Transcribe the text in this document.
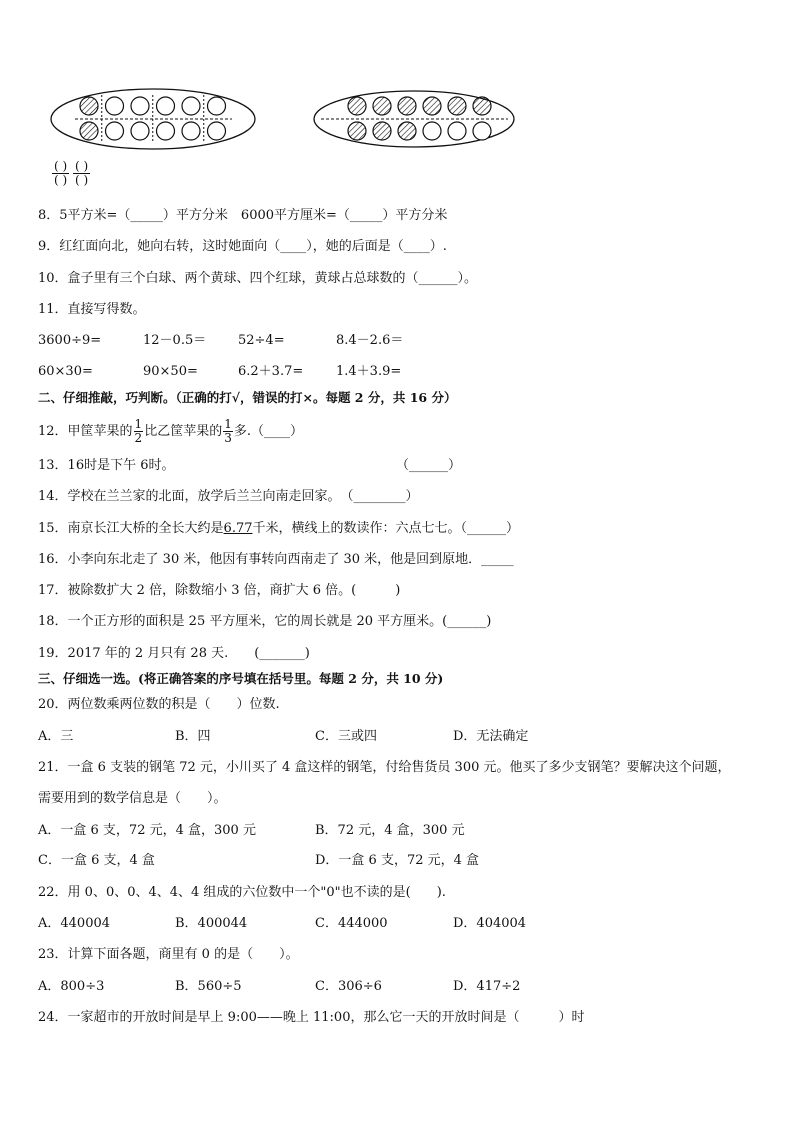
( )
( )
( )
( )
8．5平方米=（_____）平方分米　6000平方厘米=（_____）平方分米
9．红红面向北，她向右转，这时她面向（____），她的后面是（____）.
10．盒子里有三个白球、两个黄球、四个红球，黄球占总球数的（______）。
11．直接写得数。
3600÷9=	12－0.5＝ 52÷4=	8.4－2.6＝
60×30=	90×50=	6.2＋3.7=	1.4＋3.9=
二、仔细推敲，巧判断。（正确的打√，错误的打×。每题 2 分，共 16 分）
12．甲筐苹果的 $\frac{1}{2}$ 比乙筐苹果的 $\frac{1}{3}$ 多.（____）
13．16时是下午 6时。	（______）
14．学校在兰兰家的北面，放学后兰兰向南走回家。　（________）
15．南京长江大桥的全长大约是6.77千米，横线上的数读作：六点七七。（______）
16．小李向东北走了 30 米，他因有事转向西南走了 30 米，他是回到原地．_____
17．被除数扩大 2 倍，除数缩小 3 倍，商扩大 6 倍。(　　　)
18．一个正方形的面积是 25 平方厘米，它的周长就是 20 平方厘米。(______)
19．2017 年的 2 月只有 28 天.　　(_______)
三、仔细选一选。(将正确答案的序号填在括号里。每题 2 分，共 10 分)
20．两位数乘两位数的积是（　　）位数.
A．三	B．四	C．三或四	D．无法确定
21．一盒 6 支装的钢笔 72 元，小川买了 4 盒这样的钢笔，付给售货员 300 元。他买了多少支钢笔？要解决这个问题，
需要用到的数学信息是（　　）。
A．一盒 6 支，72 元，4 盒，300 元	B．72 元，4 盒，300 元
C．一盒 6 支，4 盒	D．一盒 6 支，72 元，4 盒
22．用 0、0、0、4、4、4 组成的六位数中一个"0"也不读的是(　　).
A．440004	B．400044	C．444000	D．404004
23．计算下面各题，商里有 0 的是（　　）。
A．800÷3	B．560÷5	C．306÷6	D．417÷2
24．一家超市的开放时间是早上 9:00——晚上 11:00，那么它一天的开放时间是（　　　）时
